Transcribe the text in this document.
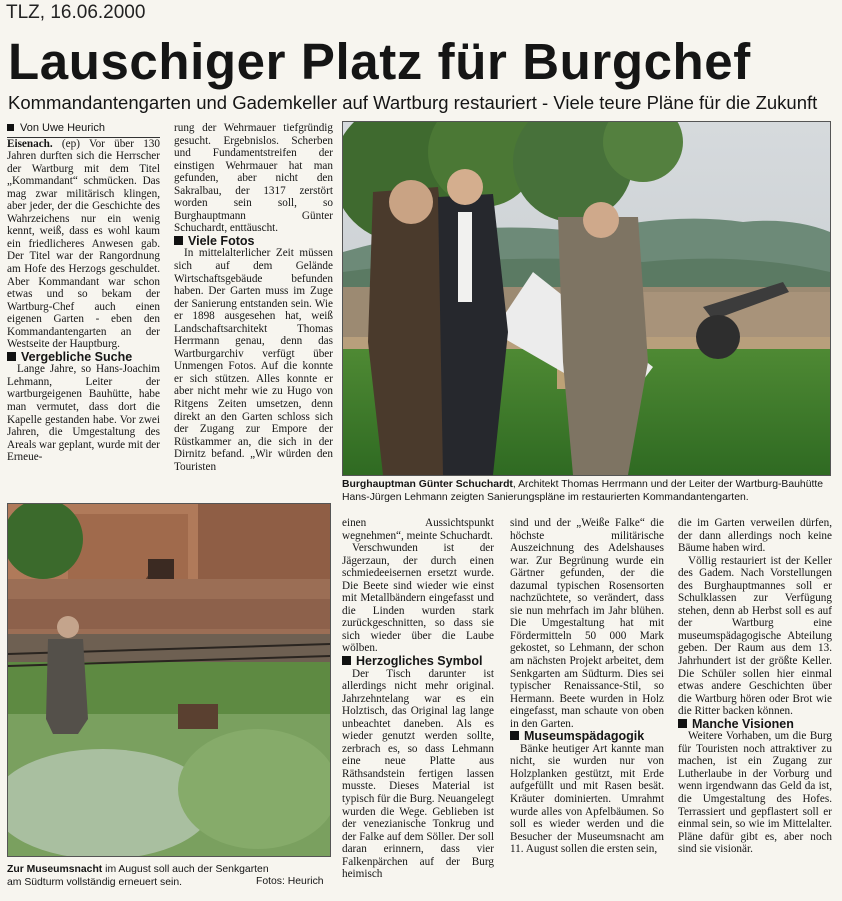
TLZ, 16.06.2000
Lauschiger Platz für Burgchef
Kommandantengarten und Gademkeller auf Wartburg restauriert - Viele teure Pläne für die Zukunft

Von Uwe Heurich

Eisenach. (ep) Vor über 130 Jahren durften sich die Herrscher der Wartburg mit dem Titel „Kommandant“ schmücken. Das mag zwar militärisch klingen, aber jeder, der die Geschichte des Wahrzeichens nur ein wenig kennt, weiß, dass es wohl kaum ein friedlicheres Anwesen gab. Der Titel war der Rangordnung am Hofe des Herzogs geschuldet. Aber Kommandant war schon etwas und so bekam der Wartburg-Chef auch einen eigenen Garten - eben den Kommandantengarten an der Westseite der Hauptburg.

Vergebliche Suche

Lange Jahre, so Hans-Joachim Lehmann, Leiter der wartburgeigenen Bauhütte, habe man vermutet, dass dort die Kapelle gestanden habe. Vor zwei Jahren, die Umgestaltung des Areals war geplant, wurde mit der Erneue-

rung der Wehrmauer tiefgründig gesucht. Ergebnislos. Scherben und Fundamentstreifen der einstigen Wehrmauer hat man gefunden, aber nicht den Sakralbau, der 1317 zerstört worden sein soll, so Burghauptmann Günter Schuchardt, enttäuscht.

Viele Fotos

In mittelalterlicher Zeit müssen sich auf dem Gelände Wirtschaftsgebäude befunden haben. Der Garten muss im Zuge der Sanierung entstanden sein. Wie er 1898 ausgesehen hat, weiß Landschaftsarchitekt Thomas Herrmann genau, denn das Wartburgarchiv verfügt über Unmengen Fotos. Auf die konnte er sich stützen. Alles konnte er aber nicht mehr wie zu Hugo von Ritgens Zeiten umsetzen, denn direkt an den Garten schloss sich der Zugang zur Empore der Rüstkammer an, die sich in der Dirnitz befand. „Wir würden den Touristen

Burghauptman Günter Schuchardt, Architekt Thomas Herrmann und der Leiter der Wartburg-Bauhütte Hans-Jürgen Lehmann zeigten Sanierungspläne im restaurierten Kommandantengarten.
Zur Museumsnacht im August soll auch der Senkgarten am Südturm vollständig erneuert sein.	Fotos: Heurich

einen Aussichtspunkt wegnehmen“, meinte Schuchardt.

Verschwunden ist der Jägerzaun, der durch einen schmiedeeisernen ersetzt wurde. Die Beete sind wieder wie einst mit Metallbändern eingefasst und die Linden wurden stark zurückgeschnitten, so dass sie sich wieder über die Laube wölben.

Herzogliches Symbol

Der Tisch darunter ist allerdings nicht mehr original. Jahrzehntelang war es ein Holztisch, das Original lag lange unbeachtet daneben. Als es wieder genutzt werden sollte, zerbrach es, so dass Lehmann eine neue Platte aus Räthsandstein fertigen lassen musste. Dieses Material ist typisch für die Burg. Neuangelegt wurden die Wege. Geblieben ist der venezianische Tonkrug und der Falke auf dem Söller. Der soll daran erinnern, dass vier Falkenpärchen auf der Burg heimisch

sind und der „Weiße Falke“ die höchste militärische Auszeichnung des Adelshauses war. Zur Begrünung wurde ein Gärtner gefunden, der die dazumal typischen Rosensorten nachzüchtete, so verändert, dass sie nun mehrfach im Jahr blühen. Die Umgestaltung hat mit Fördermitteln 50 000 Mark gekostet, so Lehmann, der schon am nächsten Projekt arbeitet, dem Senkgarten am Südturm. Dies sei typischer Renaissance-Stil, so Hermann. Beete wurden in Holz eingefasst, man schaute von oben in den Garten.

Museumspädagogik

Bänke heutiger Art kannte man nicht, sie wurden nur von Holzplanken gestützt, mit Erde aufgefüllt und mit Rasen besät. Kräuter dominierten. Umrahmt wurde alles von Apfelbäumen. So soll es wieder werden und die Besucher der Museumsnacht am 11. August sollen die ersten sein,

die im Garten verweilen dürfen, der dann allerdings noch keine Bäume haben wird.

Völlig restauriert ist der Keller des Gadem. Nach Vorstellungen des Burghauptmannes soll er Schulklassen zur Verfügung stehen, denn ab Herbst soll es auf der Wartburg eine museumspädagogische Abteilung geben. Der Raum aus dem 13. Jahrhundert ist der größte Keller. Die Schüler sollen hier einmal etwas andere Geschichten über die Wartburg hören oder Brot wie die Ritter backen können.

Manche Visionen

Weitere Vorhaben, um die Burg für Touristen noch attraktiver zu machen, ist ein Zugang zur Lutherlaube in der Vorburg und wenn irgendwann das Geld da ist, die Umgestaltung des Hofes. Terrassiert und gepflastert soll er einmal sein, so wie im Mittelalter. Pläne dafür gibt es, aber noch sind sie visionär.
